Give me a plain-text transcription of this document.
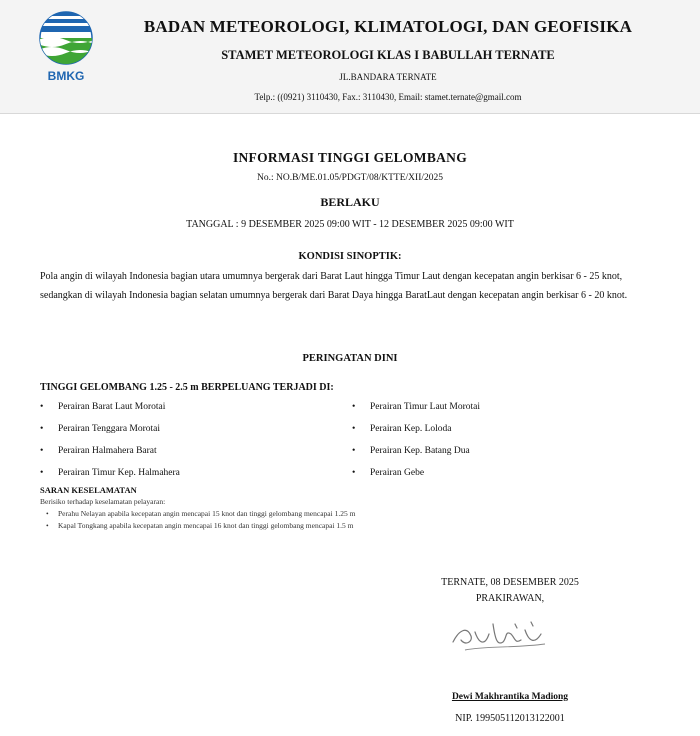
BMKG
BADAN METEOROLOGI, KLIMATOLOGI, DAN GEOFISIKA
STAMET METEOROLOGI KLAS I BABULLAH TERNATE
JL.BANDARA TERNATE
Telp.: ((0921) 3110430, Fax.: 3110430, Email: stamet.ternate@gmail.com
INFORMASI TINGGI GELOMBANG
No.: NO.B/ME.01.05/PDGT/08/KTTE/XII/2025
BERLAKU
TANGGAL : 9 DESEMBER 2025 09:00 WIT - 12 DESEMBER 2025 09:00 WIT
KONDISI SINOPTIK:
Pola angin di wilayah Indonesia bagian utara umumnya bergerak dari Barat Laut hingga Timur Laut dengan kecepatan angin berkisar 6 - 25 knot, sedangkan di wilayah Indonesia bagian selatan umumnya bergerak dari Barat Daya hingga BaratLaut dengan kecepatan angin berkisar 6 - 20 knot.
PERINGATAN DINI
TINGGI GELOMBANG 1.25 - 2.5 m BERPELUANG TERJADI DI:
• Perairan Barat Laut Morotai
• Perairan Tenggara Morotai
• Perairan Halmahera Barat
• Perairan Timur Kep. Halmahera
• Perairan Timur Laut Morotai
• Perairan Kep. Loloda
• Perairan Kep. Batang Dua
• Perairan Gebe
SARAN KESELAMATAN
Berisiko terhadap keselamatan pelayaran:
• Perahu Nelayan apabila kecepatan angin mencapai 15 knot dan tinggi gelombang mencapai 1.25 m
• Kapal Tongkang apabila kecepatan angin mencapai 16 knot dan tinggi gelombang mencapai 1.5 m
TERNATE, 08 DESEMBER 2025
PRAKIRAWAN,
Dewi Makhrantika Madiong
NIP. 199505112013122001
